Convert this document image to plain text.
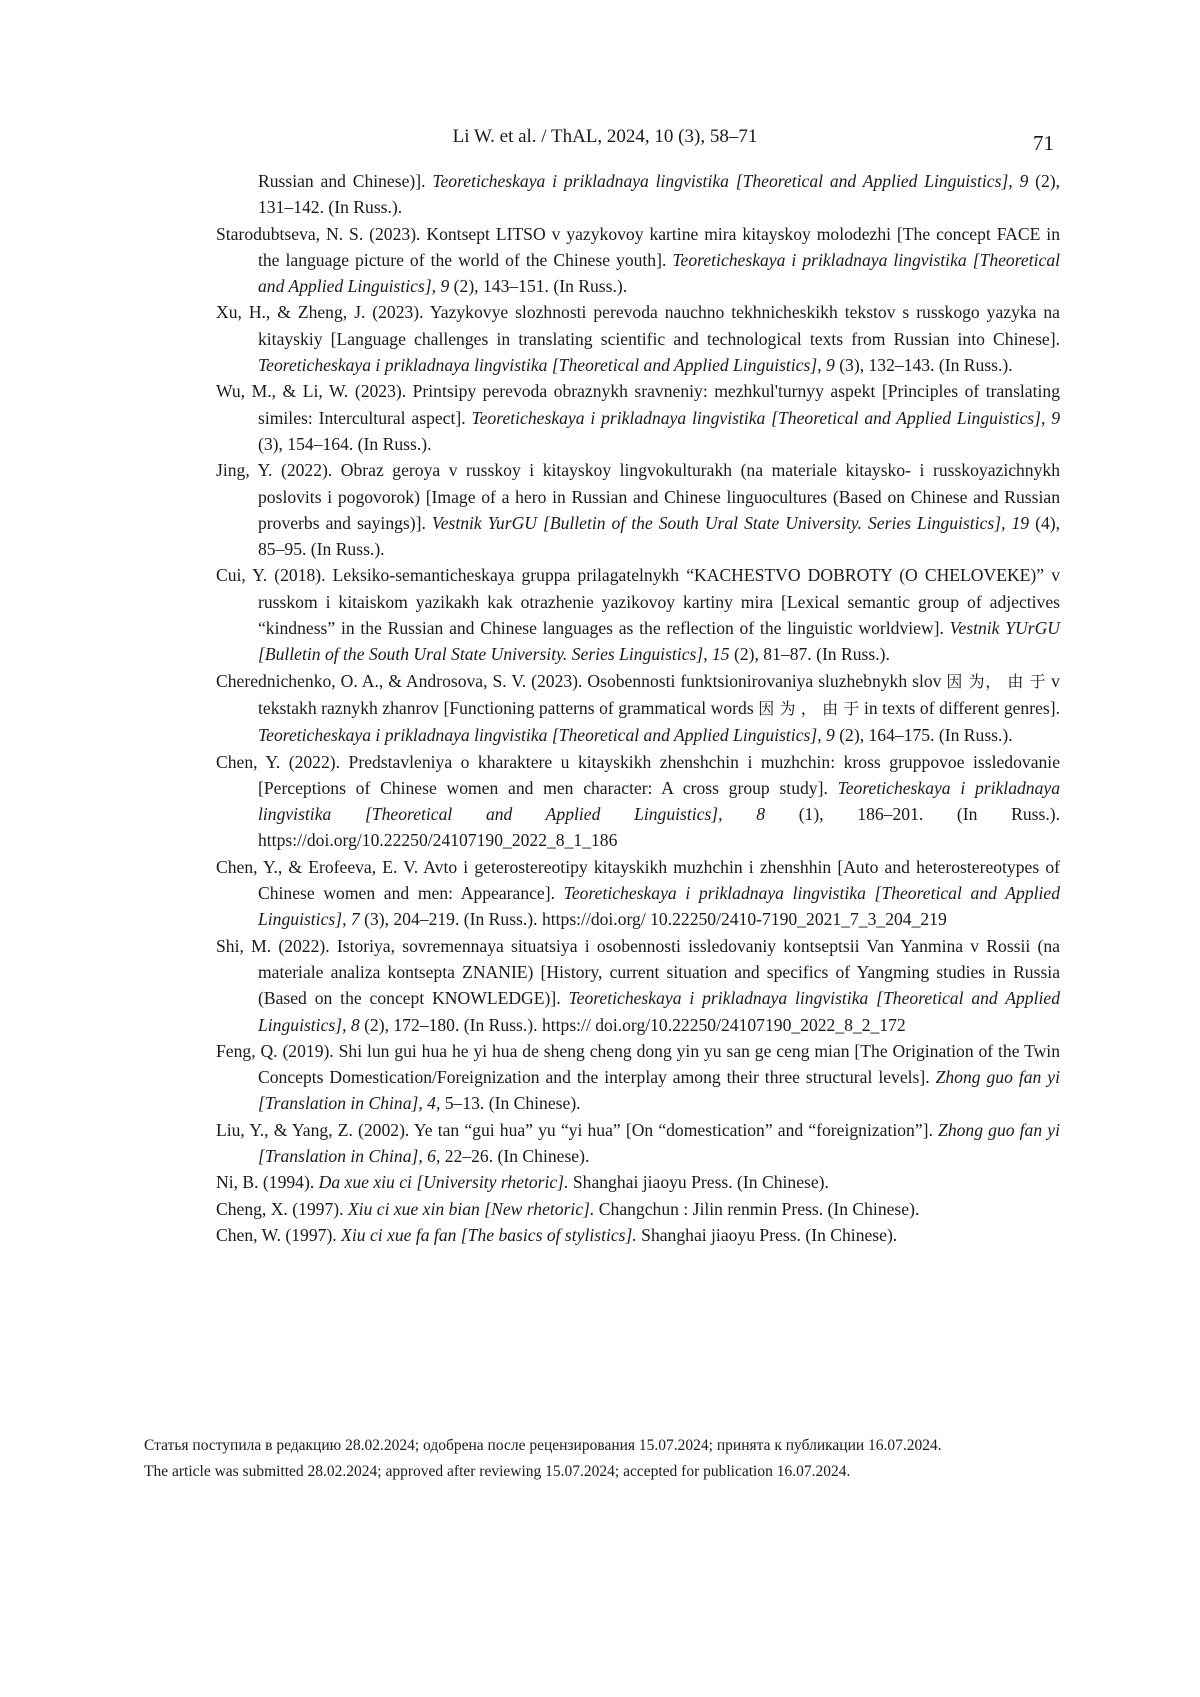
Li W. et al. / ThAL, 2024, 10 (3), 58–71	71
Russian and Chinese)]. Teoreticheskaya i prikladnaya lingvistika [Theoretical and Applied Linguistics], 9 (2), 131–142. (In Russ.).
Starodubtseva, N. S. (2023). Kontsept LITSO v yazykovoy kartine mira kitayskoy molodezhi [The concept FACE in the language picture of the world of the Chinese youth]. Teoreticheskaya i prikladnaya lingvistika [Theoretical and Applied Linguistics], 9 (2), 143–151. (In Russ.).
Xu, H., & Zheng, J. (2023). Yazykovye slozhnosti perevoda nauchno tekhnicheskikh tekstov s russkogo yazyka na kitayskiy [Language challenges in translating scientific and technological texts from Russian into Chinese]. Teoreticheskaya i prikladnaya lingvistika [Theoretical and Applied Linguistics], 9 (3), 132–143. (In Russ.).
Wu, M., & Li, W. (2023). Printsipy perevoda obraznykh sravneniy: mezhkul'turnyy aspekt [Principles of translating similes: Intercultural aspect]. Teoreticheskaya i prikladnaya lingvistika [Theoretical and Applied Linguistics], 9 (3), 154–164. (In Russ.).
Jing, Y. (2022). Obraz geroya v russkoy i kitayskoy lingvokulturakh (na materiale kitaysko- i russkoyazichnykh poslovits i pogovorok) [Image of a hero in Russian and Chinese linguocultures (Based on Chinese and Russian proverbs and sayings)]. Vestnik YurGU [Bulletin of the South Ural State University. Series Linguistics], 19 (4), 85–95. (In Russ.).
Cui, Y. (2018). Leksiko-semanticheskaya gruppa prilagatelnykh “KACHESTVO DOBROTY (O CHELOVEKE)” v russkom i kitaiskom yazikakh kak otrazhenie yazikovoy kartiny mira [Lexical semantic group of adjectives “kindness” in the Russian and Chinese languages as the reflection of the linguistic worldview]. Vestnik YUrGU [Bulletin of the South Ural State University. Series Linguistics], 15 (2), 81–87. (In Russ.).
Cherednichenko, O. A., & Androsova, S. V. (2023). Osobennosti funktsionirovaniya sluzhebnykh slov 因 为， 由 于 v tekstakh raznykh zhanrov [Functioning patterns of grammatical words 因 为 ， 由 于 in texts of different genres]. Teoreticheskaya i prikladnaya lingvistika [Theoretical and Applied Linguistics], 9 (2), 164–175. (In Russ.).
Chen, Y. (2022). Predstavleniya o kharaktere u kitayskikh zhenshchin i muzhchin: kross gruppovoe issledovanie [Perceptions of Chinese women and men character: A cross group study]. Teoreticheskaya i prikladnaya lingvistika [Theoretical and Applied Linguistics], 8 (1), 186–201. (In Russ.). https://doi.org/10.22250/24107190_2022_8_1_186
Chen, Y., & Erofeeva, E. V. Avto i geterostereotipy kitayskikh muzhchin i zhenshhin [Auto and heterostereotypes of Chinese women and men: Appearance]. Teoreticheskaya i prikladnaya lingvistika [Theoretical and Applied Linguistics], 7 (3), 204–219. (In Russ.). https://doi.org/ 10.22250/2410-7190_2021_7_3_204_219
Shi, M. (2022). Istoriya, sovremennaya situatsiya i osobennosti issledovaniy kontseptsii Van Yanmina v Rossii (na materiale analiza kontsepta ZNANIE) [History, current situation and specifics of Yangming studies in Russia (Based on the concept KNOWLEDGE)]. Teoreticheskaya i prikladnaya lingvistika [Theoretical and Applied Linguistics], 8 (2), 172–180. (In Russ.). https:// doi.org/10.22250/24107190_2022_8_2_172
Feng, Q. (2019). Shi lun gui hua he yi hua de sheng cheng dong yin yu san ge ceng mian [The Origination of the Twin Concepts Domestication/Foreignization and the interplay among their three structural levels]. Zhong guo fan yi [Translation in China], 4, 5–13. (In Chinese).
Liu, Y., & Yang, Z. (2002). Ye tan “gui hua” yu “yi hua” [On “domestication” and “foreignization”]. Zhong guo fan yi [Translation in China], 6, 22–26. (In Chinese).
Ni, B. (1994). Da xue xiu ci [University rhetoric]. Shanghai jiaoyu Press. (In Chinese).
Cheng, X. (1997). Xiu ci xue xin bian [New rhetoric]. Changchun : Jilin renmin Press. (In Chinese).
Chen, W. (1997). Xiu ci xue fa fan [The basics of stylistics]. Shanghai jiaoyu Press. (In Chinese).

Статья поступила в редакцию 28.02.2024; одобрена после рецензирования 15.07.2024; принята к публикации 16.07.2024.

The article was submitted 28.02.2024; approved after reviewing 15.07.2024; accepted for publication 16.07.2024.
